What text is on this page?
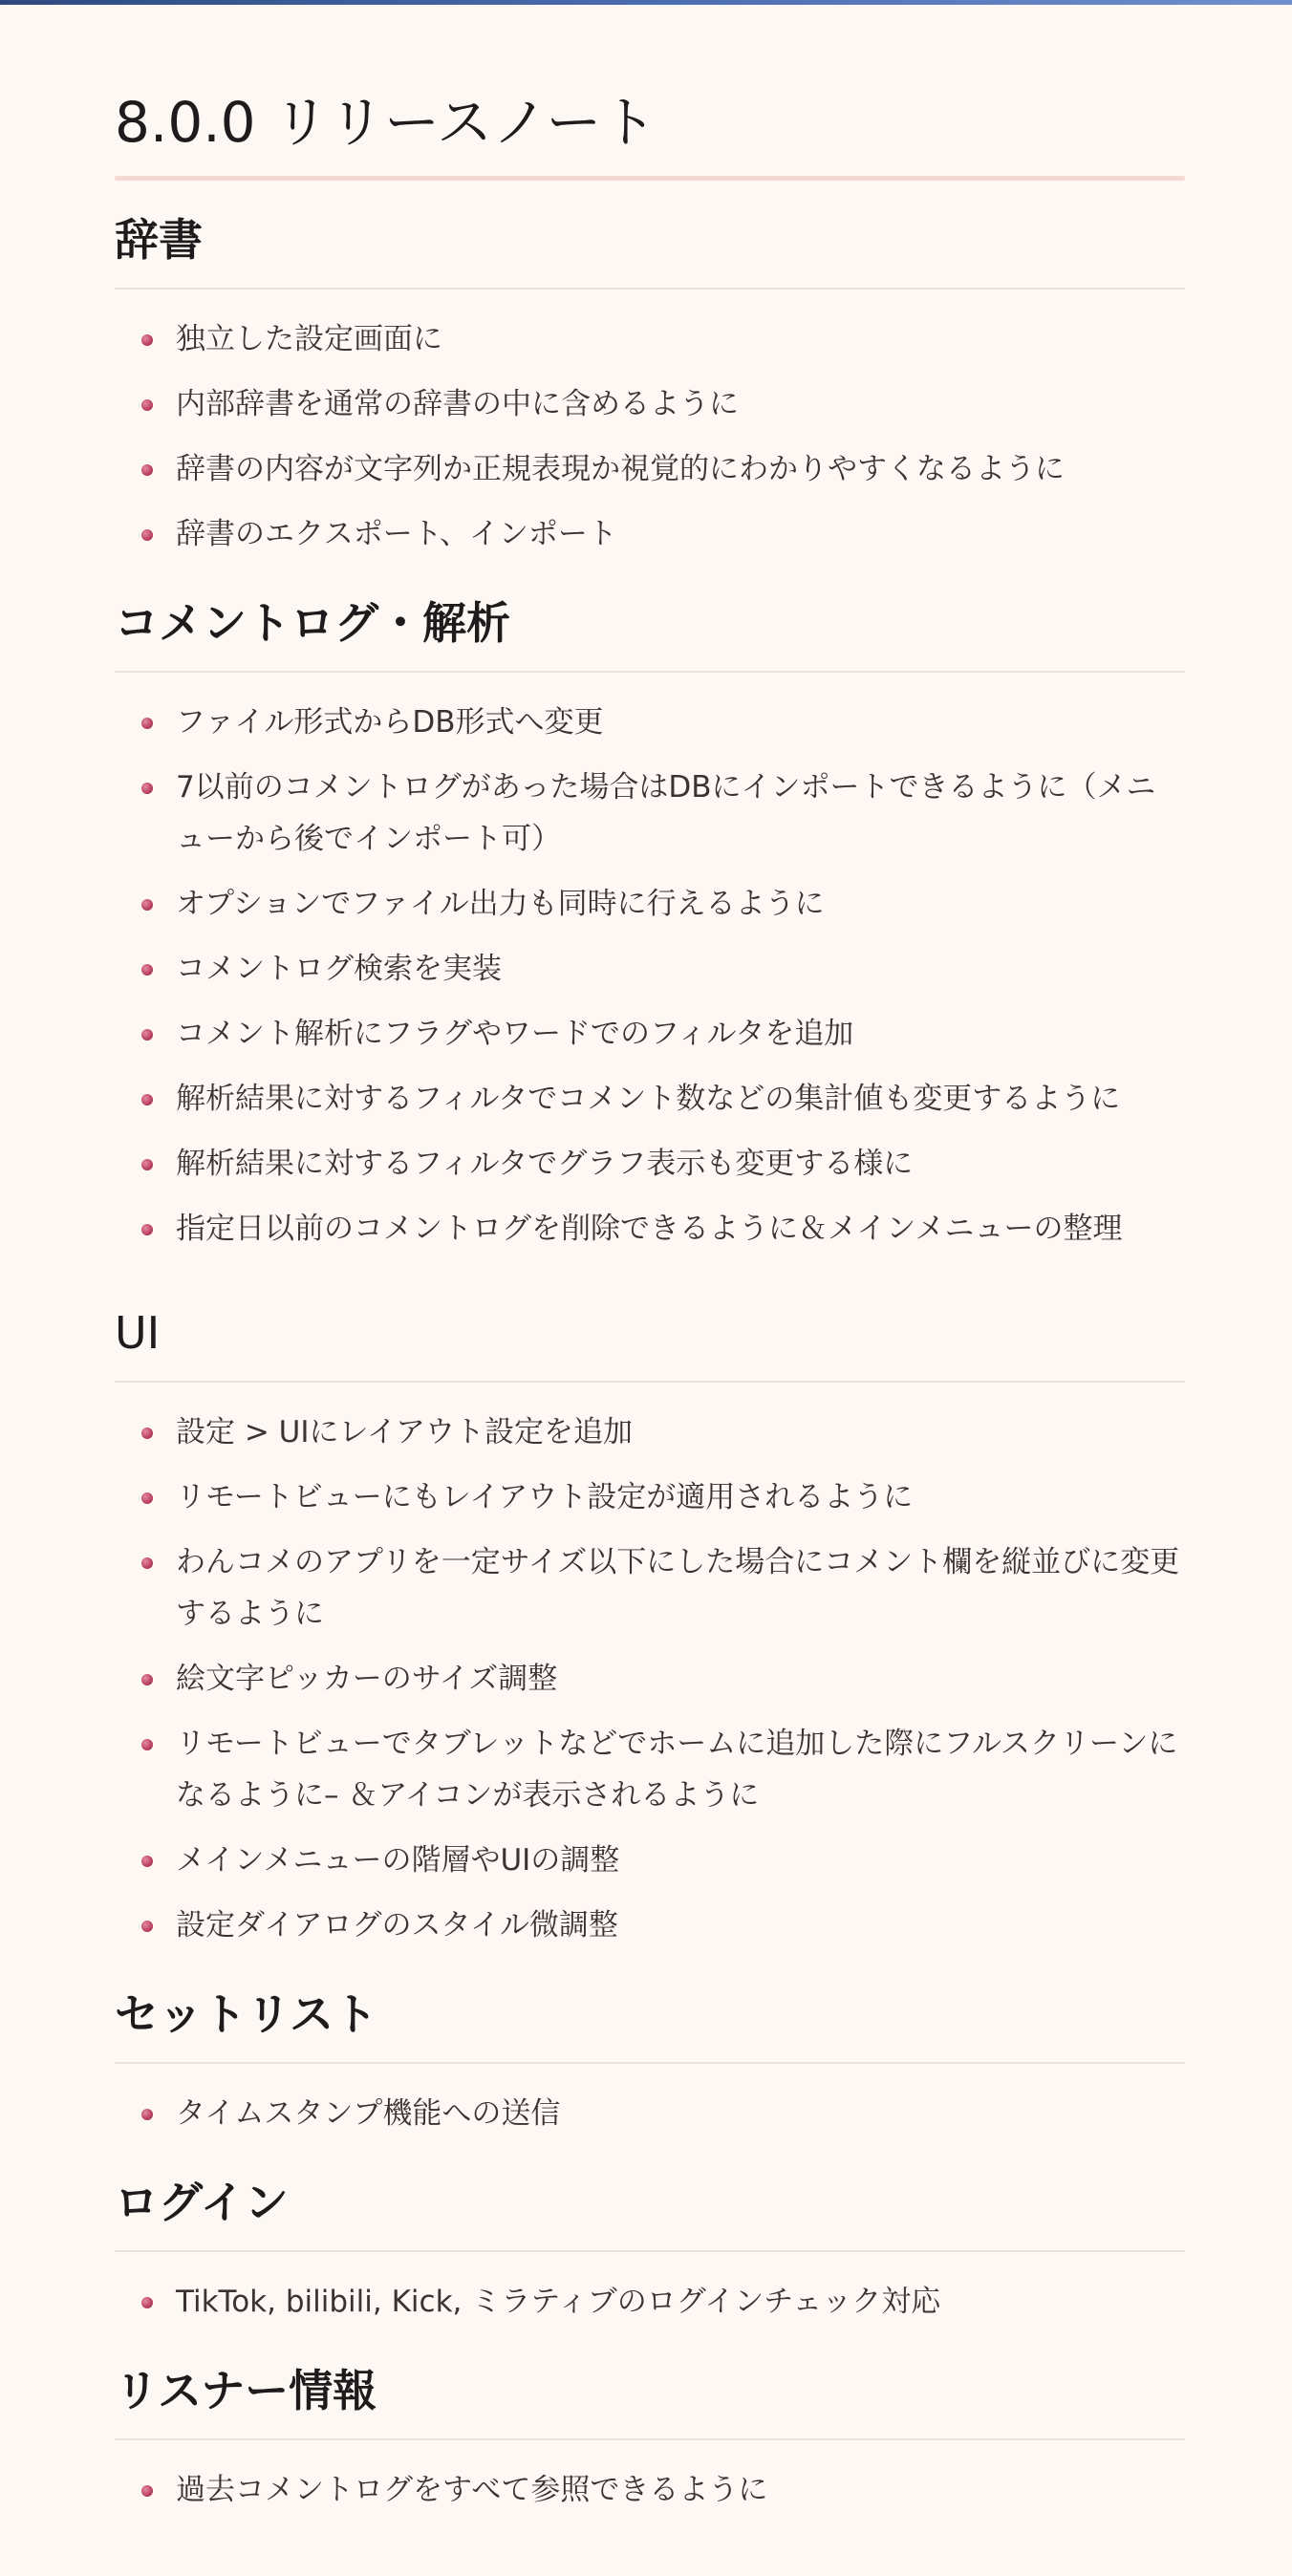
8.0.0 リリースノート
辞書
独立した設定画面に
内部辞書を通常の辞書の中に含めるように
辞書の内容が文字列か正規表現か視覚的にわかりやすくなるように
辞書のエクスポート、インポート
コメントログ・解析
ファイル形式からDB形式へ変更
7以前のコメントログがあった場合はDBにインポートできるように（メニューから後でインポート可）
オプションでファイル出力も同時に行えるように
コメントログ検索を実装
コメント解析にフラグやワードでのフィルタを追加
解析結果に対するフィルタでコメント数などの集計値も変更するように
解析結果に対するフィルタでグラフ表示も変更する様に
指定日以前のコメントログを削除できるように＆メインメニューの整理
UI
設定 > UIにレイアウト設定を追加
リモートビューにもレイアウト設定が適用されるように
わんコメのアプリを一定サイズ以下にした場合にコメント欄を縦並びに変更するように
絵文字ピッカーのサイズ調整
リモートビューでタブレットなどでホームに追加した際にフルスクリーンになるように– ＆アイコンが表示されるように
メインメニューの階層やUIの調整
設定ダイアログのスタイル微調整
セットリスト
タイムスタンプ機能への送信
ログイン
TikTok, bilibili, Kick, ミラティブのログインチェック対応
リスナー情報
過去コメントログをすべて参照できるように
